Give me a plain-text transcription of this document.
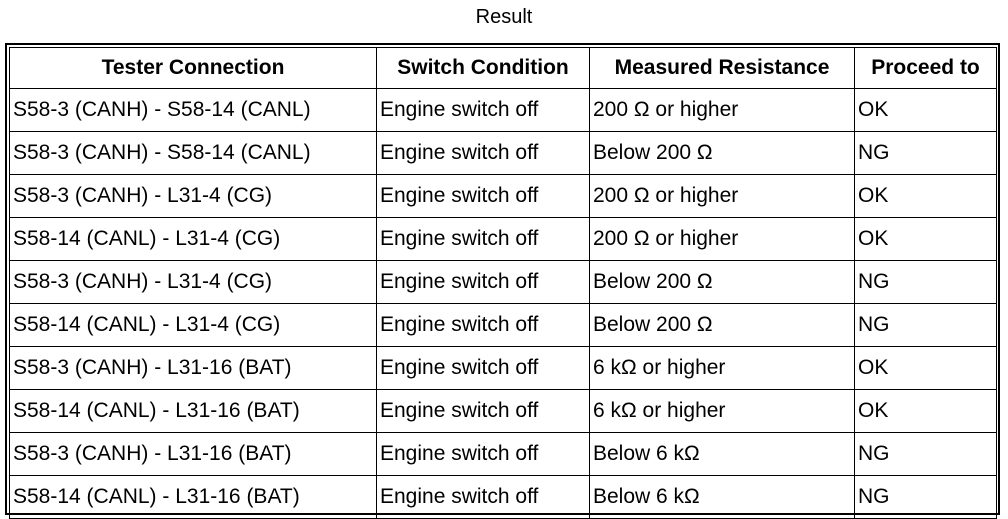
Result
Tester Connection	Switch Condition	Measured Resistance	Proceed to
S58-3 (CANH) - S58-14 (CANL)	Engine switch off	200 Ω or higher	OK
S58-3 (CANH) - S58-14 (CANL)	Engine switch off	Below 200 Ω	NG
S58-3 (CANH) - L31-4 (CG)	Engine switch off	200 Ω or higher	OK
S58-14 (CANL) - L31-4 (CG)	Engine switch off	200 Ω or higher	OK
S58-3 (CANH) - L31-4 (CG)	Engine switch off	Below 200 Ω	NG
S58-14 (CANL) - L31-4 (CG)	Engine switch off	Below 200 Ω	NG
S58-3 (CANH) - L31-16 (BAT)	Engine switch off	6 kΩ or higher	OK
S58-14 (CANL) - L31-16 (BAT)	Engine switch off	6 kΩ or higher	OK
S58-3 (CANH) - L31-16 (BAT)	Engine switch off	Below 6 kΩ	NG
S58-14 (CANL) - L31-16 (BAT)	Engine switch off	Below 6 kΩ	NG
